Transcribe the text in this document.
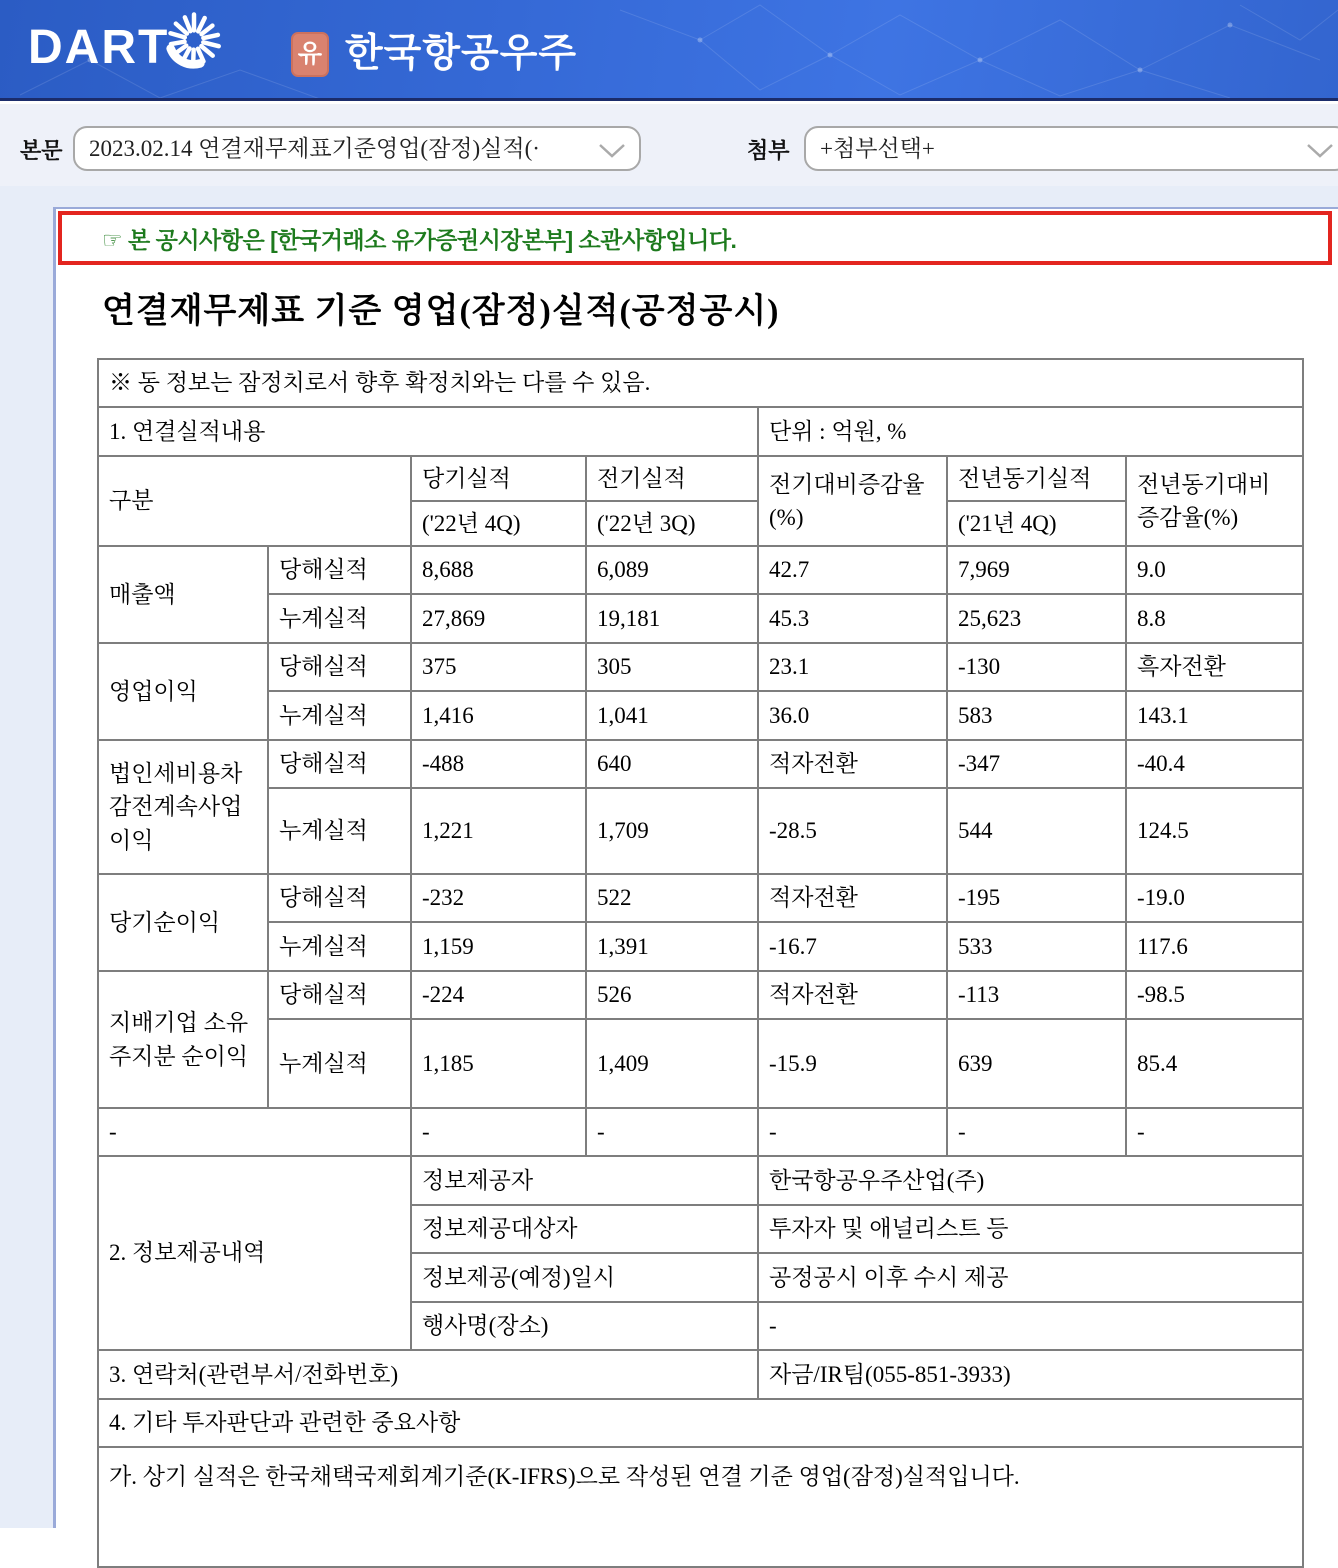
DART	유 한국항공우주
본문	2023.02.14 연결재무제표기준영업(잠정)실적(·	첨부	+첨부선택+
☞ 본 공시사항은 [한국거래소 유가증권시장본부] 소관사항입니다.
연결재무제표 기준 영업(잠정)실적(공정공시)
※ 동 정보는 잠정치로서 향후 확정치와는 다를 수 있음.						
1. 연결실적내용				단위 : 억원, %		
구분		당기실적	전기실적	전기대비증감율(%)	전년동기실적	전년동기대비증감율(%)
		('22년 4Q)	('22년 3Q)		('21년 4Q)	
매출액	당해실적	8,688	6,089	42.7	7,969	9.0
	누계실적	27,869	19,181	45.3	25,623	8.8
영업이익	당해실적	375	305	23.1	-130	흑자전환
	누계실적	1,416	1,041	36.0	583	143.1
법인세비용차감전계속사업이익	당해실적	-488	640	적자전환	-347	-40.4
	누계실적	1,221	1,709	-28.5	544	124.5
당기순이익	당해실적	-232	522	적자전환	-195	-19.0
	누계실적	1,159	1,391	-16.7	533	117.6
지배기업 소유주지분 순이익	당해실적	-224	526	적자전환	-113	-98.5
	누계실적	1,185	1,409	-15.9	639	85.4
-		-	-	-	-	-
2. 정보제공내역		정보제공자		한국항공우주산업(주)		
		정보제공대상자		투자자 및 애널리스트 등		
		정보제공(예정)일시		공정공시 이후 수시 제공		
		행사명(장소)		-		
3. 연락처(관련부서/전화번호)				자금/IR팀(055-851-3933)		
4. 기타 투자판단과 관련한 중요사항						
가. 상기 실적은 한국채택국제회계기준(K-IFRS)으로 작성된 연결 기준 영업(잠정)실적입니다.						
